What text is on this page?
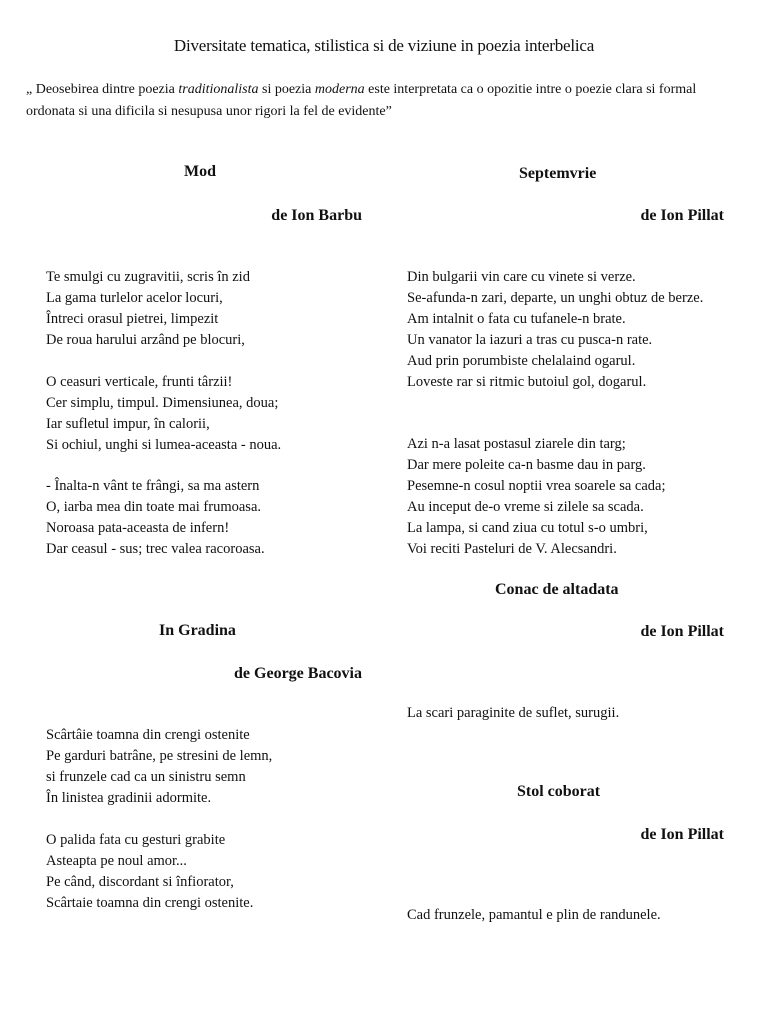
Diversitate tematica, stilistica si de viziune in poezia interbelica
„ Deosebirea dintre poezia traditionalista si poezia moderna este interpretata ca o opozitie intre o poezie clara si formal ordonata si una dificila si nesupusa unor rigori la fel de evidente”
Mod
de Ion Barbu
Te smulgi cu zugravitii, scris în zid
La gama turlelor acelor locuri,
Întreci orasul pietrei, limpezit
De roua harului arzând pe blocuri,
O ceasuri verticale, frunti târzii!
Cer simplu, timpul. Dimensiunea, doua;
Iar sufletul impur, în calorii,
Si ochiul, unghi si lumea-aceasta - noua.
- Înalta-n vânt te frângi, sa ma astern
O, iarba mea din toate mai frumoasa.
Noroasa pata-aceasta de infern!
Dar ceasul - sus; trec valea racoroasa.
In Gradina
de George Bacovia
Scârtâie toamna din crengi ostenite
Pe garduri batrâne, pe stresini de lemn,
si frunzele cad ca un sinistru semn
În linistea gradinii adormite.
O palida fata cu gesturi grabite
Asteapta pe noul amor...
Pe când, discordant si înfiorator,
Scârtaie toamna din crengi ostenite.
Septemvrie
de Ion Pillat
Din bulgarii vin care cu vinete si verze.
Se-afunda-n zari, departe, un unghi obtuz de berze.
Am intalnit o fata cu tufanele-n brate.
Un vanator la iazuri a tras cu pusca-n rate.
Aud prin porumbiste chelalaind ogarul.
Loveste rar si ritmic butoiul gol, dogarul.
Azi n-a lasat postasul ziarele din targ;
Dar mere poleite ca-n basme dau in parg.
Pesemne-n cosul noptii vrea soarele sa cada;
Au inceput de-o vreme si zilele sa scada.
La lampa, si cand ziua cu totul s-o umbri,
Voi reciti Pasteluri de V. Alecsandri.
Conac de altadata
de Ion Pillat
La scari paraginite de suflet, surugii.
Stol coborat
de Ion Pillat
Cad frunzele, pamantul e plin de randunele.
